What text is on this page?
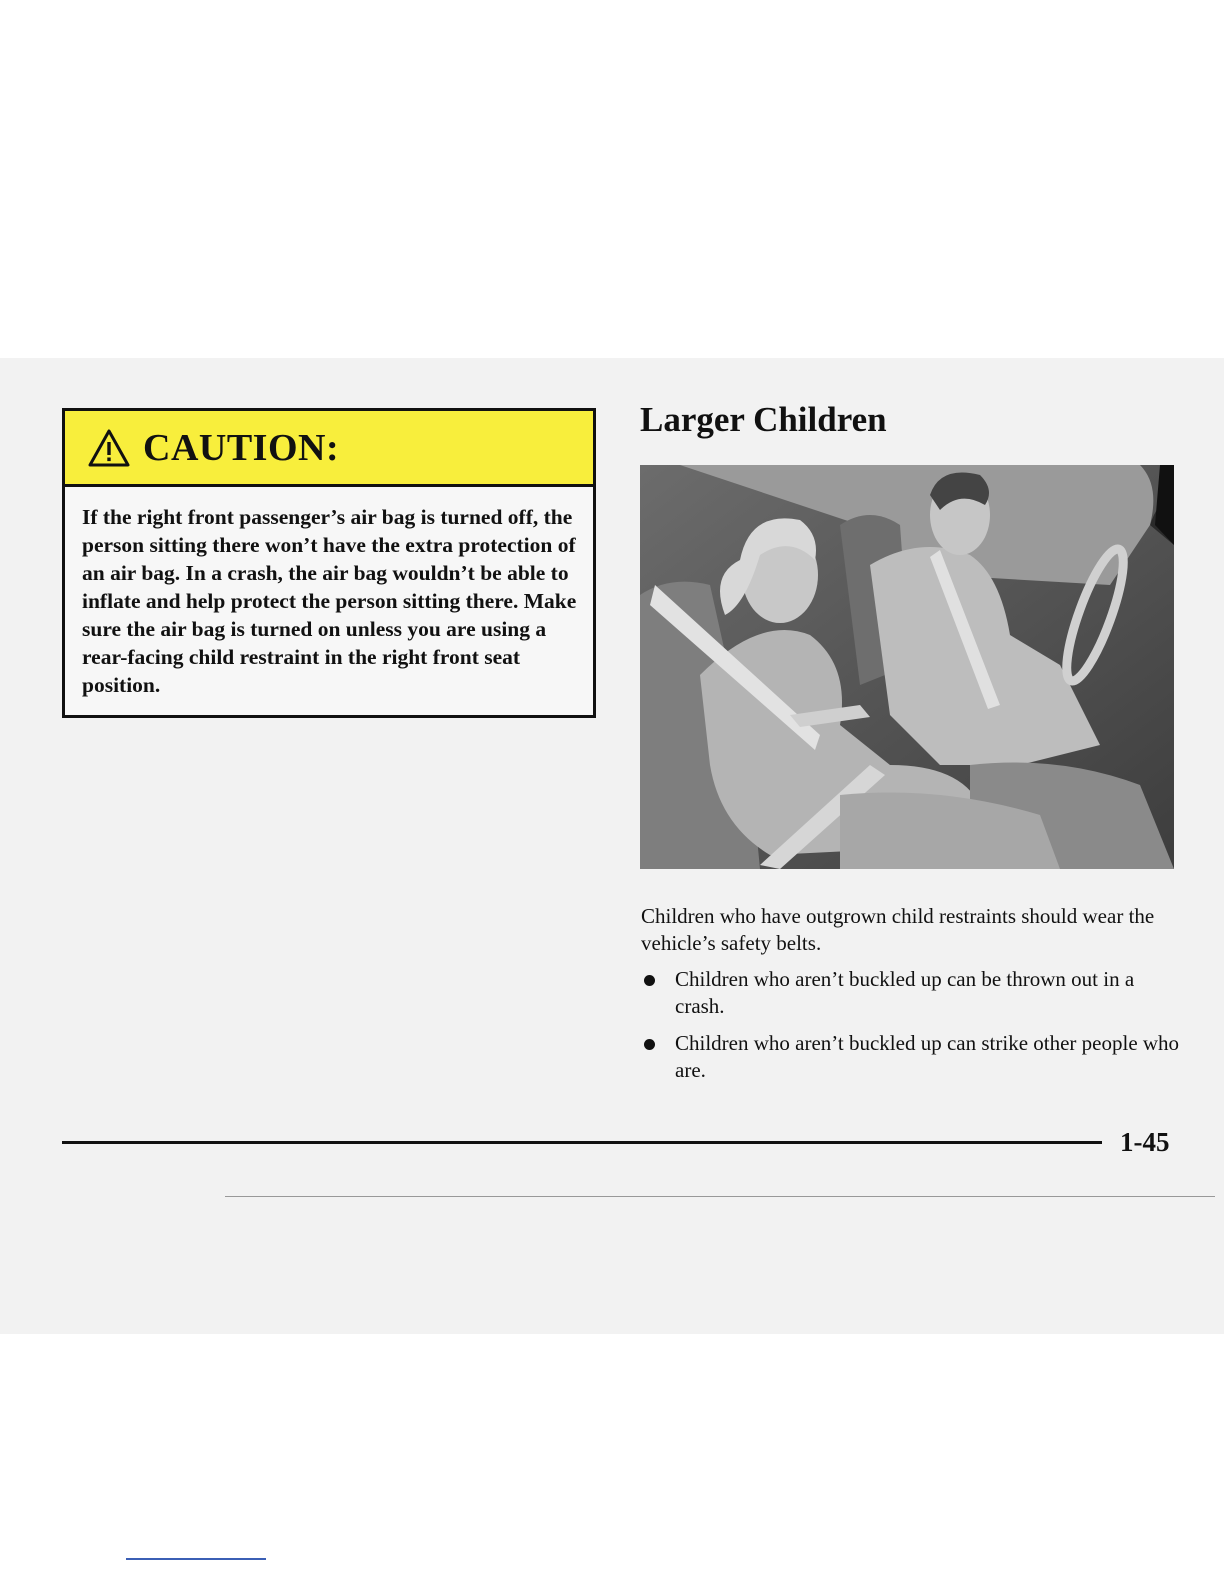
CAUTION:
If the right front passenger’s air bag is turned off, the person sitting there won’t have the extra protection of an air bag. In a crash, the air bag wouldn’t be able to inflate and help protect the person sitting there. Make sure the air bag is turned on unless you are using a rear-facing child restraint in the right front seat position.
Larger Children

Children who have outgrown child restraints should wear the vehicle’s safety belts.

Children who aren’t buckled up can be thrown out in a crash.
Children who aren’t buckled up can strike other people who are.
1-45
